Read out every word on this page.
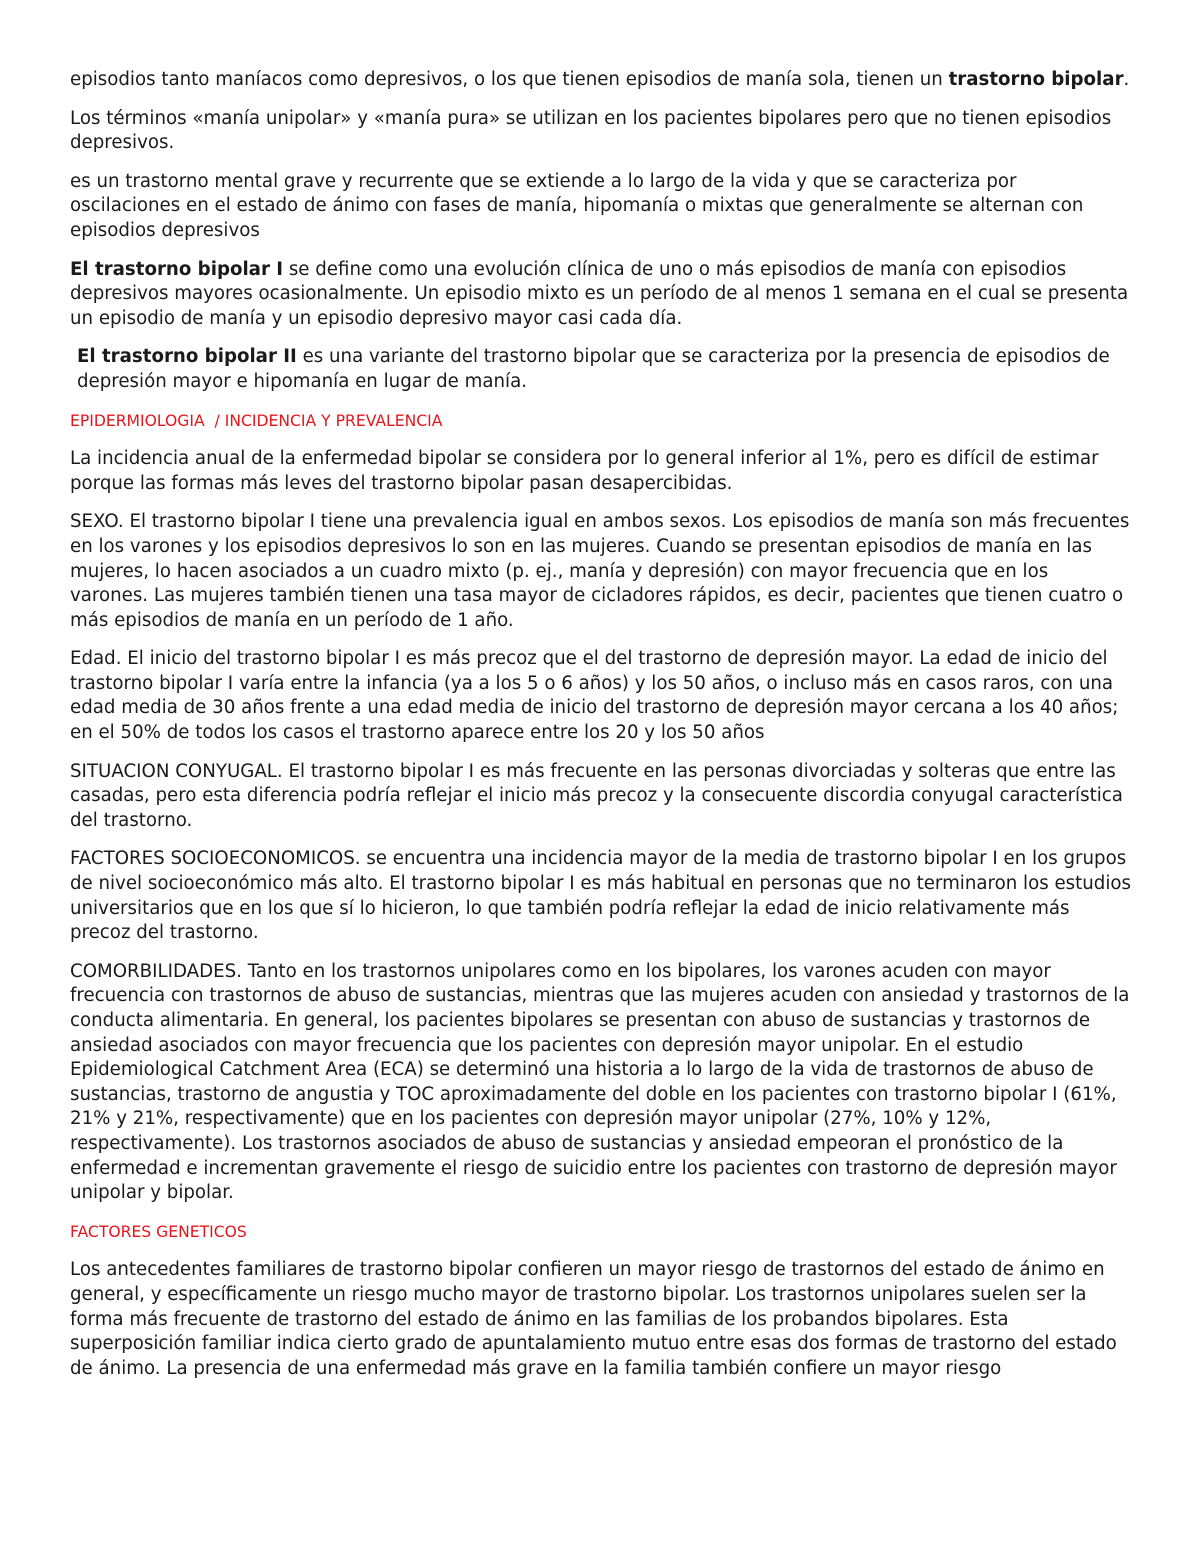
episodios tanto maníacos como depresivos, o los que tienen episodios de manía sola, tienen un trastorno bipolar.

Los términos «manía unipolar» y «manía pura» se utilizan en los pacientes bipolares pero que no tienen episodios depresivos.

es un trastorno mental grave y recurrente que se extiende a lo largo de la vida y que se caracteriza por oscilaciones en el estado de ánimo con fases de manía, hipomanía o mixtas que generalmente se alternan con episodios depresivos

El trastorno bipolar I se define como una evolución clínica de uno o más episodios de manía con episodios depresivos mayores ocasionalmente. Un episodio mixto es un período de al menos 1 semana en el cual se presenta un episodio de manía y un episodio depresivo mayor casi cada día.

El trastorno bipolar II es una variante del trastorno bipolar que se caracteriza por la presencia de episodios de depresión mayor e hipomanía en lugar de manía.

EPIDERMIOLOGIA  / INCIDENCIA Y PREVALENCIA

La incidencia anual de la enfermedad bipolar se considera por lo general inferior al 1%, pero es difícil de estimar porque las formas más leves del trastorno bipolar pasan desapercibidas.

SEXO. El trastorno bipolar I tiene una prevalencia igual en ambos sexos. Los episodios de manía son más frecuentes en los varones y los episodios depresivos lo son en las mujeres. Cuando se presentan episodios de manía en las mujeres, lo hacen asociados a un cuadro mixto (p. ej., manía y depresión) con mayor frecuencia que en los varones. Las mujeres también tienen una tasa mayor de cicladores rápidos, es decir, pacientes que tienen cuatro o más episodios de manía en un período de 1 año.

Edad. El inicio del trastorno bipolar I es más precoz que el del trastorno de depresión mayor. La edad de inicio del trastorno bipolar I varía entre la infancia (ya a los 5 o 6 años) y los 50 años, o incluso más en casos raros, con una edad media de 30 años frente a una edad media de inicio del trastorno de depresión mayor cercana a los 40 años; en el 50% de todos los casos el trastorno aparece entre los 20 y los 50 años

SITUACION CONYUGAL. El trastorno bipolar I es más frecuente en las personas divorciadas y solteras que entre las casadas, pero esta diferencia podría reflejar el inicio más precoz y la consecuente discordia conyugal característica del trastorno.

FACTORES SOCIOECONOMICOS. se encuentra una incidencia mayor de la media de trastorno bipolar I en los grupos de nivel socioeconómico más alto. El trastorno bipolar I es más habitual en personas que no terminaron los estudios universitarios que en los que sí lo hicieron, lo que también podría reflejar la edad de inicio relativamente más precoz del trastorno.

COMORBILIDADES. Tanto en los trastornos unipolares como en los bipolares, los varones acuden con mayor frecuencia con trastornos de abuso de sustancias, mientras que las mujeres acuden con ansiedad y trastornos de la conducta alimentaria. En general, los pacientes bipolares se presentan con abuso de sustancias y trastornos de ansiedad asociados con mayor frecuencia que los pacientes con depresión mayor unipolar. En el estudio Epidemiological Catchment Area (ECA) se determinó una historia a lo largo de la vida de trastornos de abuso de sustancias, trastorno de angustia y TOC aproximadamente del doble en los pacientes con trastorno bipolar I (61%, 21% y 21%, respectivamente) que en los pacientes con depresión mayor unipolar (27%, 10% y 12%, respectivamente). Los trastornos asociados de abuso de sustancias y ansiedad empeoran el pronóstico de la enfermedad e incrementan gravemente el riesgo de suicidio entre los pacientes con trastorno de depresión mayor unipolar y bipolar.

FACTORES GENETICOS

Los antecedentes familiares de trastorno bipolar confieren un mayor riesgo de trastornos del estado de ánimo en general, y específicamente un riesgo mucho mayor de trastorno bipolar. Los trastornos unipolares suelen ser la forma más frecuente de trastorno del estado de ánimo en las familias de los probandos bipolares. Esta superposición familiar indica cierto grado de apuntalamiento mutuo entre esas dos formas de trastorno del estado de ánimo. La presencia de una enfermedad más grave en la familia también confiere un mayor riesgo
